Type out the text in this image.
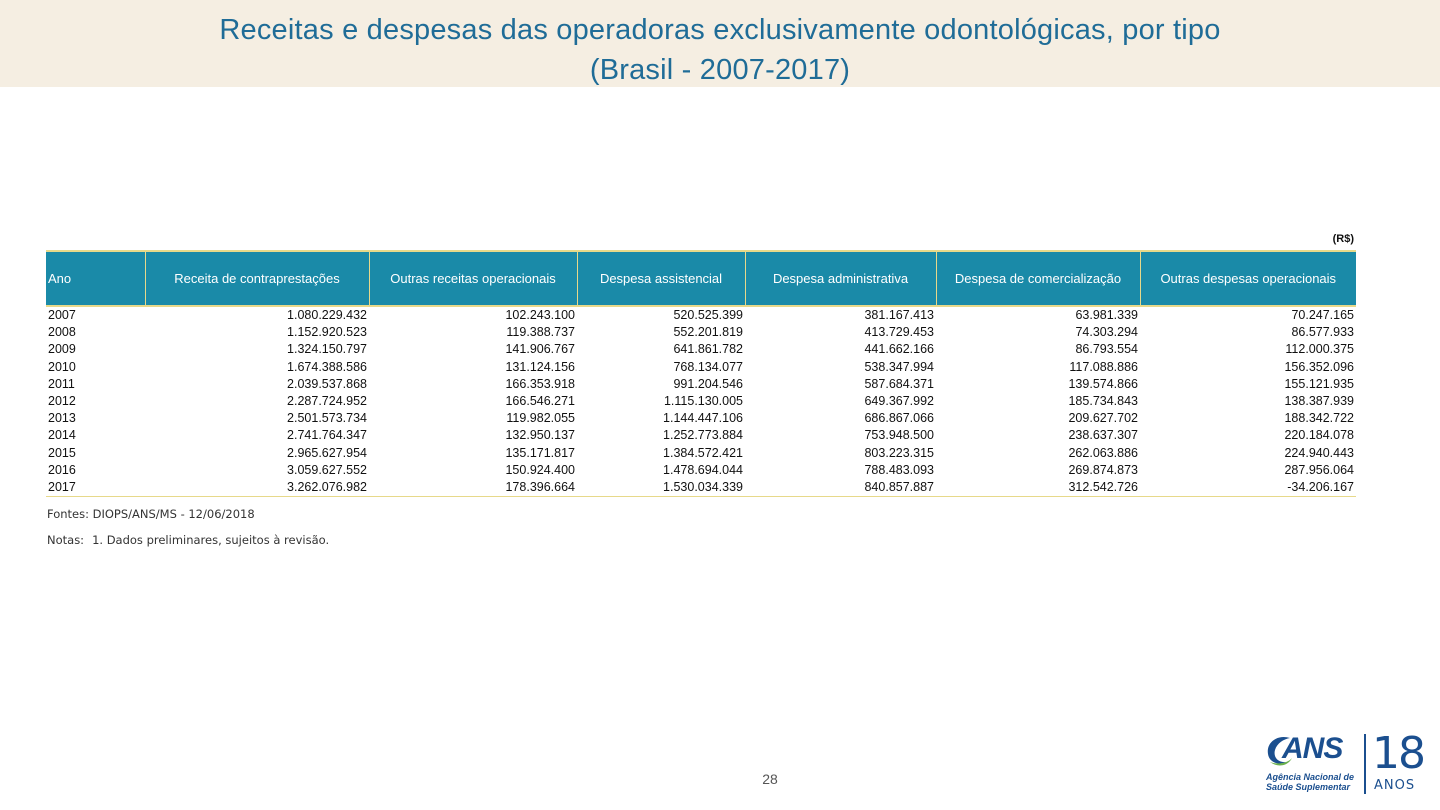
Receitas e despesas das operadoras exclusivamente odontológicas, por tipo
(Brasil - 2007-2017)
(R$)
Ano	Receita de contraprestações	Outras receitas operacionais	Despesa assistencial	Despesa administrativa	Despesa de comercialização	Outras despesas operacionais
2007	1.080.229.432	102.243.100	520.525.399	381.167.413	63.981.339	70.247.165
2008	1.152.920.523	119.388.737	552.201.819	413.729.453	74.303.294	86.577.933
2009	1.324.150.797	141.906.767	641.861.782	441.662.166	86.793.554	112.000.375
2010	1.674.388.586	131.124.156	768.134.077	538.347.994	117.088.886	156.352.096
2011	2.039.537.868	166.353.918	991.204.546	587.684.371	139.574.866	155.121.935
2012	2.287.724.952	166.546.271	1.115.130.005	649.367.992	185.734.843	138.387.939
2013	2.501.573.734	119.982.055	1.144.447.106	686.867.066	209.627.702	188.342.722
2014	2.741.764.347	132.950.137	1.252.773.884	753.948.500	238.637.307	220.184.078
2015	2.965.627.954	135.171.817	1.384.572.421	803.223.315	262.063.886	224.940.443
2016	3.059.627.552	150.924.400	1.478.694.044	788.483.093	269.874.873	287.956.064
2017	3.262.076.982	178.396.664	1.530.034.339	840.857.887	312.542.726	-34.206.167
Fontes: DIOPS/ANS/MS - 12/06/2018
Notas: 1. Dados preliminares, sujeitos à revisão.
28
ANS
Agência Nacional de
Saúde Suplementar
18
ANOS
